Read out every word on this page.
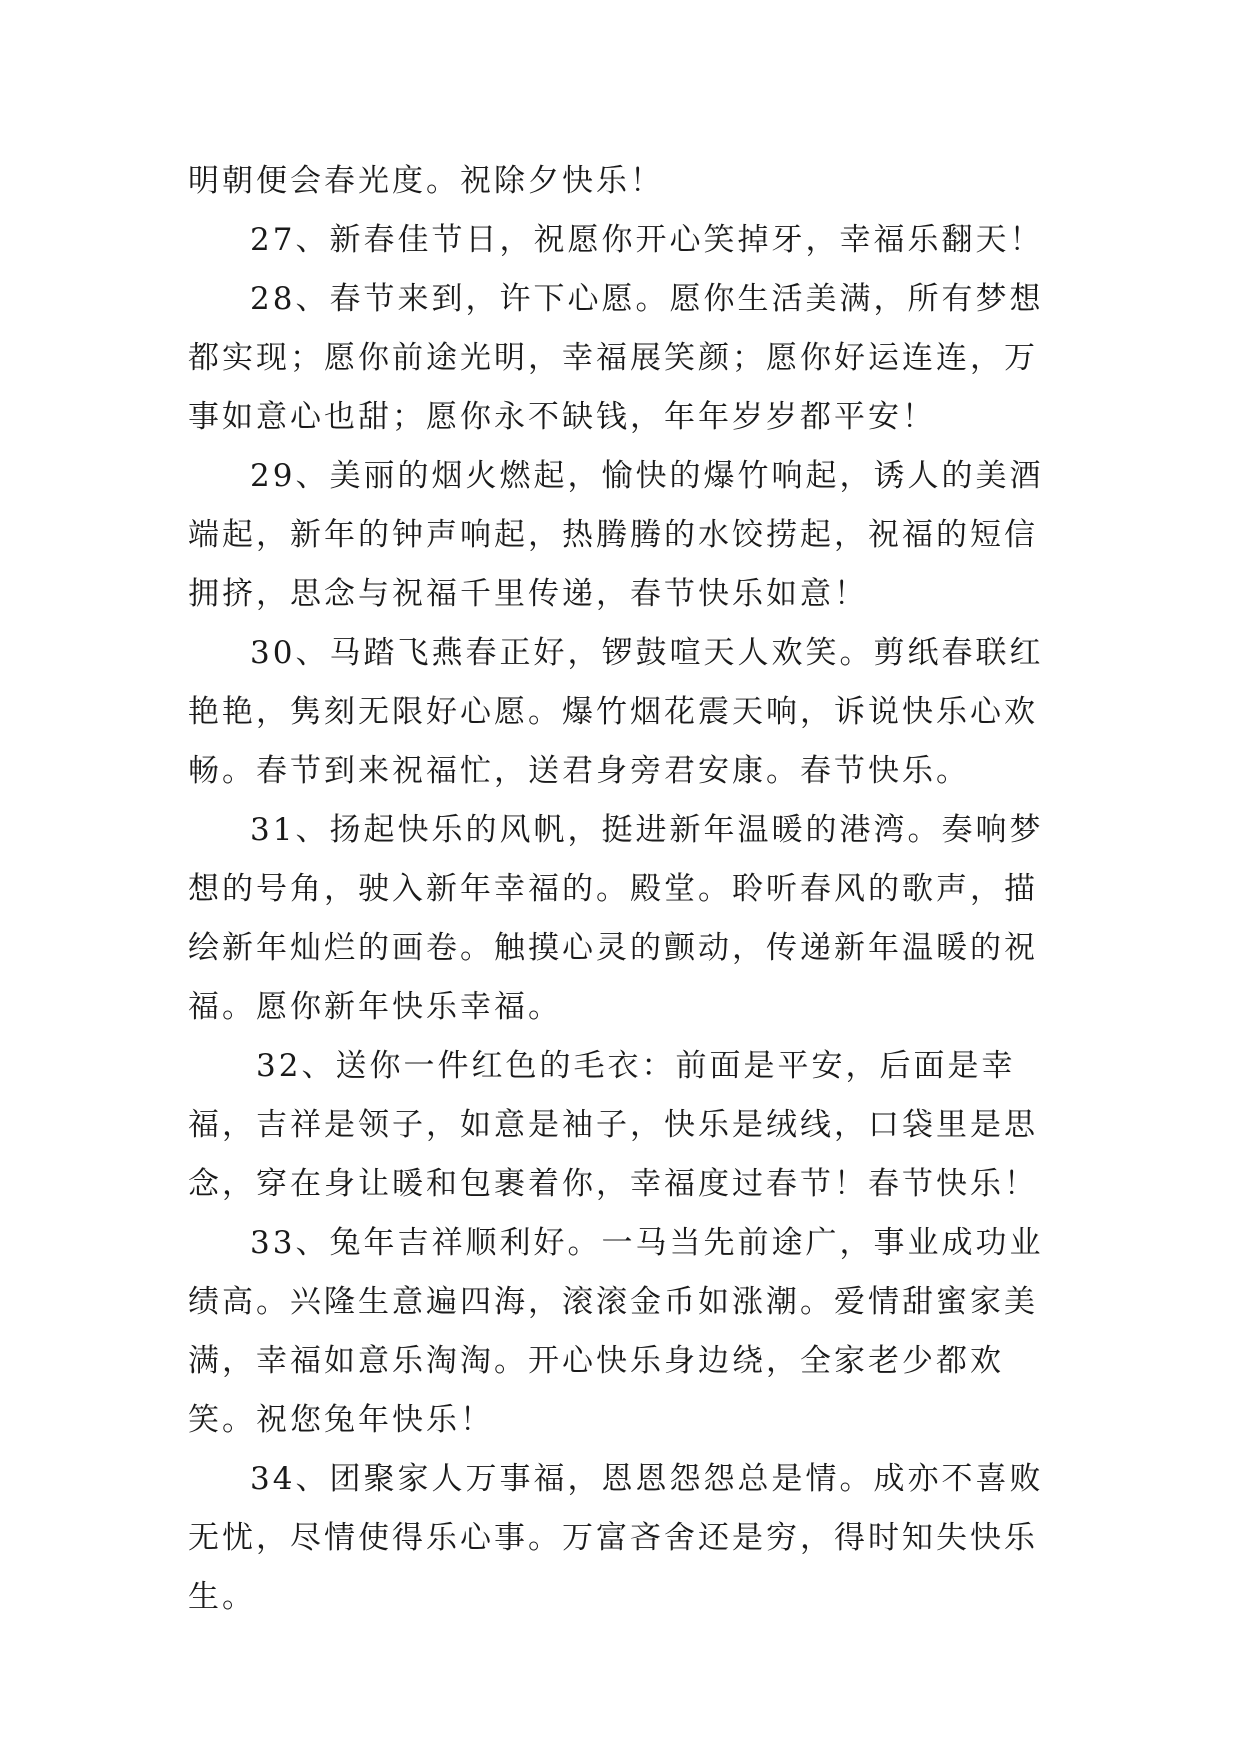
明朝便会春光度。祝除夕快乐！

27、新春佳节日，祝愿你开心笑掉牙，幸福乐翻天！

28、春节来到，许下心愿。愿你生活美满，所有梦想都实现；愿你前途光明，幸福展笑颜；愿你好运连连，万事如意心也甜；愿你永不缺钱，年年岁岁都平安！

29、美丽的烟火燃起，愉快的爆竹响起，诱人的美酒端起，新年的钟声响起，热腾腾的水饺捞起，祝福的短信拥挤，思念与祝福千里传递，春节快乐如意！

30、马踏飞燕春正好，锣鼓喧天人欢笑。剪纸春联红艳艳，隽刻无限好心愿。爆竹烟花震天响，诉说快乐心欢畅。春节到来祝福忙，送君身旁君安康。春节快乐。

31、扬起快乐的风帆，挺进新年温暖的港湾。奏响梦想的号角，驶入新年幸福的。殿堂。聆听春风的歌声，描绘新年灿烂的画卷。触摸心灵的颤动，传递新年温暖的祝福。愿你新年快乐幸福。

32、送你一件红色的毛衣：前面是平安，后面是幸福，吉祥是领子，如意是袖子，快乐是绒线，口袋里是思念，穿在身让暖和包裹着你，幸福度过春节！春节快乐！

33、兔年吉祥顺利好。一马当先前途广，事业成功业绩高。兴隆生意遍四海，滚滚金币如涨潮。爱情甜蜜家美满，幸福如意乐淘淘。开心快乐身边绕，全家老少都欢笑。祝您兔年快乐！

34、团聚家人万事福，恩恩怨怨总是情。成亦不喜败无忧，尽情使得乐心事。万富吝舍还是穷，得时知失快乐生。
